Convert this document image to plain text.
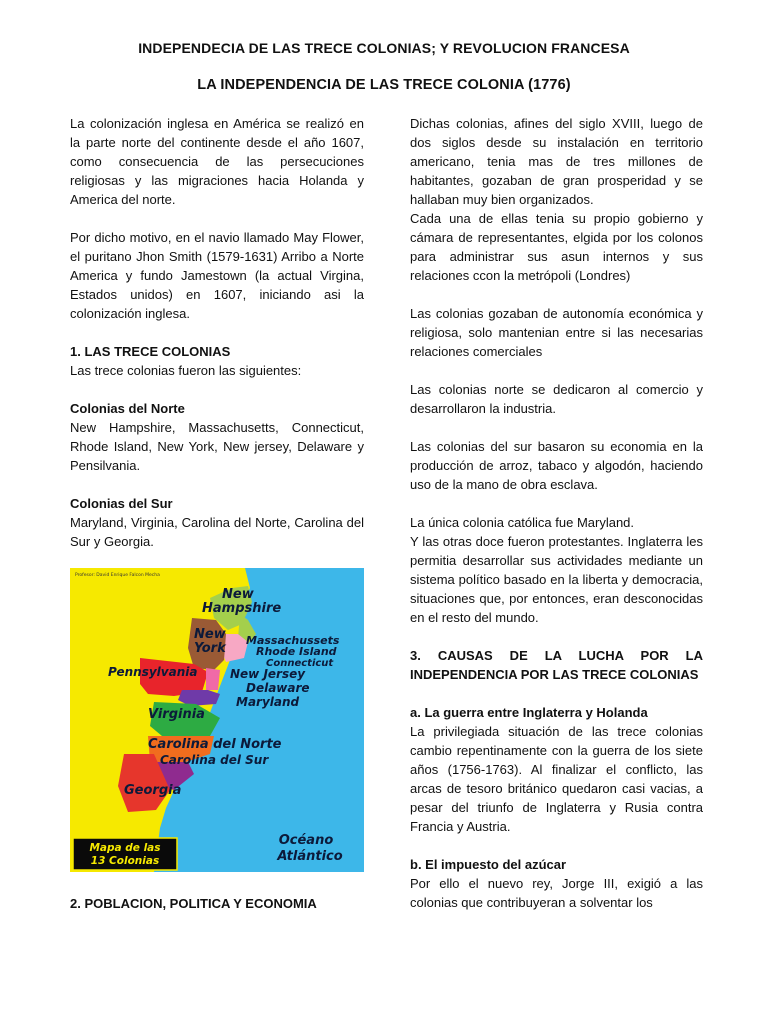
INDEPENDECIA DE LAS TRECE COLONIAS; Y REVOLUCION FRANCESA
LA INDEPENDENCIA DE LAS TRECE COLONIA (1776)

La colonización inglesa en América se realizó en la parte norte del continente desde el año 1607, como consecuencia de las persecuciones religiosas y las migraciones hacia Holanda y America del norte.

Por dicho motivo, en el navio llamado May Flower, el puritano Jhon Smith (1579-1631) Arribo a Norte America y fundo Jamestown (la actual Virgina, Estados unidos) en 1607, iniciando asi la colonización inglesa.

1. LAS TRECE COLONIAS

Las trece colonias fueron las siguientes:

Colonias del Norte

New Hampshire, Massachusetts, Connecticut, Rhode Island, New York, New jersey, Delaware y Pensilvania.

Colonias del Sur

Maryland, Virginia, Carolina del Norte, Carolina del Sur y Georgia.

Profesor: David Enrique Falcon Mecha
New
Hampshire
New
York
Massachussets
Rhode Island
Connecticut
Pennsylvania	New Jersey
Delaware
Maryland
Virginia
Carolina del Norte
Carolina del Sur
Georgia
Mapa de las
13 Colonias
Océano
Atlántico
2. POBLACION, POLITICA Y ECONOMIA

Dichas colonias, afines del siglo XVIII, luego de dos siglos desde su instalación en territorio americano, tenia mas de tres millones de habitantes, gozaban de gran prosperidad y se hallaban muy bien organizados.

Cada una de ellas tenia su propio gobierno y cámara de representantes, elgida por los colonos para administrar sus asun internos y sus relaciones ccon la metrópoli (Londres)

Las colonias gozaban de autonomía económica y religiosa, solo mantenian entre si las necesarias relaciones comerciales

Las colonias norte se dedicaron al comercio y desarrollaron la industria.

Las colonias del sur basaron su economia en la producción de arroz, tabaco y algodón, haciendo uso de la mano de obra esclava.

La única colonia católica fue Maryland.

Y las otras doce fueron protestantes. Inglaterra les permitia desarrollar sus actividades mediante un sistema político basado en la liberta y democracia, situaciones que, por entonces, eran desconocidas en el resto del mundo.

3. CAUSAS DE LA LUCHA POR LA INDEPENDENCIA POR LAS TRECE COLONIAS

a. La guerra entre Inglaterra y Holanda

La privilegiada situación de las trece colonias cambio repentinamente con la guerra de los siete años (1756-1763). Al finalizar el conflicto, las arcas de tesoro británico quedaron casi vacias, a pesar del triunfo de Inglaterra y Rusia contra Francia y Austria.

b. El impuesto del azúcar

Por ello el nuevo rey, Jorge III, exigió a las colonias que contribuyeran a solventar los
